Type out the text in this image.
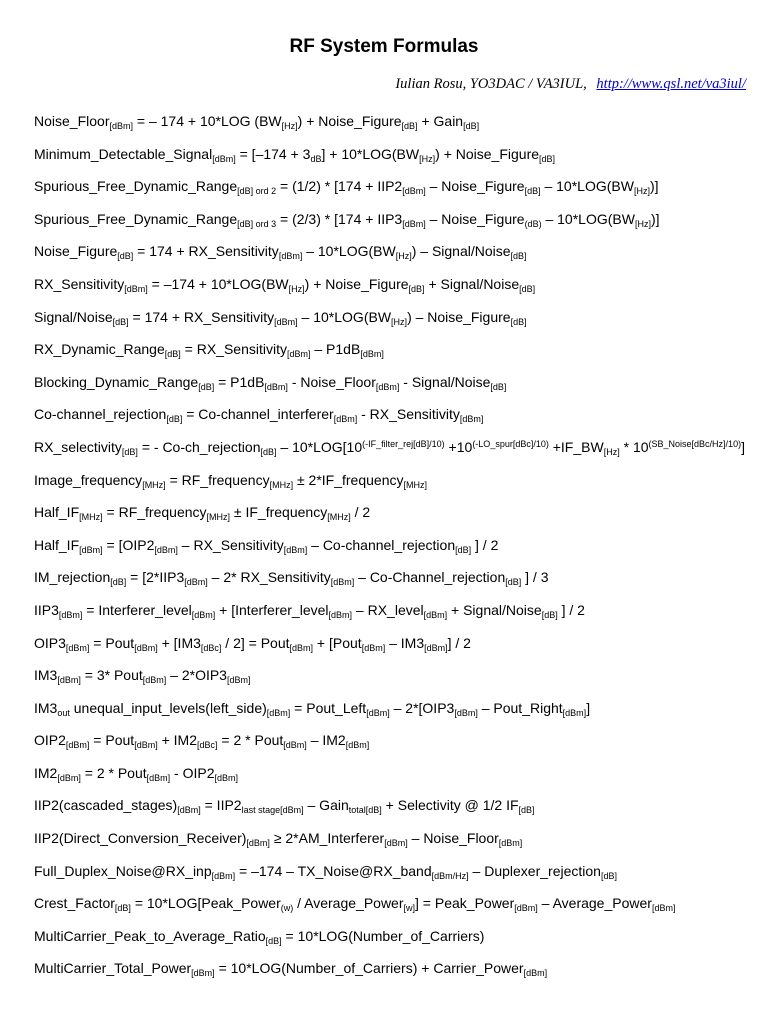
RF System Formulas
Iulian Rosu, YO3DAC / VA3IUL, http://www.qsl.net/va3iul/
Noise_Floor$_{[dBm]}$ = – 174 + 10*LOG $(BW_{[Hz]})$ + Noise_Figure$_{[dB]}$ + Gain$_{[dB]}$
Minimum_Detectable_Signal$_{[dBm]}$ = $[-174 + 3_{dB}] + 10*LOG(BW_{[Hz]})$ + Noise_Figure$_{[dB]}$
Spurious_Free_Dynamic_Range$_{[dB] ord 2}$ = $(1/2) * [174 + IIP2_{[dBm]}$ – Noise_Figure$_{[dB]}$ – $10*LOG(BW_{[Hz]})$]
Spurious_Free_Dynamic_Range$_{[dB] ord 3}$ = $(2/3) * [174 + IIP3_{[dBm]}$ – Noise_Figure$_{(dB)}$ – $10*LOG(BW_{[Hz]})$]
Noise_Figure$_{[dB]}$ = 174 + RX_Sensitivity$_{[dBm]}$ – $10*LOG(BW_{[Hz]})$ – Signal/Noise$_{[dB]}$
RX_Sensitivity$_{[dBm]}$ = $-174 + 10*LOG(BW_{[Hz]})$ + Noise_Figure$_{[dB]}$ + Signal/Noise$_{[dB]}$
Signal/Noise$_{[dB]}$ = 174 + RX_Sensitivity$_{[dBm]}$ – $10*LOG(BW_{[Hz]})$ – Noise_Figure$_{[dB]}$
RX_Dynamic_Range$_{[dB]}$ = RX_Sensitivity$_{[dBm]}$ – $P1dB_{[dBm]}$
Blocking_Dynamic_Range$_{[dB]}$ = $P1dB_{[dBm]}$ - Noise_Floor$_{[dBm]}$ - Signal/Noise$_{[dB]}$
Co-channel_rejection$_{[dB]}$ = Co-channel_interferer$_{[dBm]}$ - RX_Sensitivity$_{[dBm]}$
RX_selectivity$_{[dB]}$ = - Co-ch_rejection$_{[dB]}$ – $10*LOG[10^{(-IF\_filter\_rej[dB]/10)} +10^{(-LO\_spur[dBc]/10)}$ $+IF\_BW_{[Hz]} * 10^{(SB\_Noise[dBc/Hz]/10)}$]
Image_frequency$_{[MHz]}$ = RF_frequency$_{[MHz]}$ ± 2*IF_frequency$_{[MHz]}$
$Half\_IF_{[MHz]}$ = RF_frequency$_{[MHz]}$ ± IF_frequency$_{[MHz]}$ / 2
$Half\_IF_{[dBm]} = [OIP2_{[dBm]}$ – RX_Sensitivity$_{[dBm]}$ – Co-channel_rejection$_{[dB]}$ ] / 2
IM_rejection$_{[dB]}$ = [$2*IIP3_{[dBm]} - 2*$ RX_Sensitivity$_{[dBm]}$ – Co-Channel_rejection$_{[dB]}$ ] / 3
$IIP3_{[dBm]}$ = Interferer_level$_{[dBm]}$ + [Interferer_level$_{[dBm]}$ – RX_level$_{[dBm]}$ + Signal/Noise$_{[dB]}$ ] / 2
$OIP3_{[dBm]}$ = Pout$_{[dBm]}$ + $[IM3_{[dBc]} / 2]$ = Pout$_{[dBm]}$ + [Pout$_{[dBm]}$ – $IM3_{[dBm]}] / 2$
$IM3_{[dBm]} = 3*$ Pout$_{[dBm]}$ – $2*OIP3_{[dBm]}$
$IM3_{out}$ $unequal\_input\_levels(left\_side)_{[dBm]}$ = Pout_Left$_{[dBm]}$ – $2*[OIP3_{[dBm]}$ – Pout_Right$_{[dBm]}$]
$OIP2_{[dBm]}$ = Pout$_{[dBm]}$ + $IM2_{[dBc]} = 2$ * Pout$_{[dBm]}$ – $IM2_{[dBm]}$
$IM2_{[dBm]} = 2$ * Pout$_{[dBm]}$ - $OIP2_{[dBm]}$
$IIP2(cascaded\_stages)_{[dBm]} = IIP2_{last stage[dBm]}$ – Gain$_{total[dB]}$ + Selectivity @ 1/2 $IF_{[dB]}$
$IIP2(Direct\_Conversion\_Receiver)_{[dBm]}$ ≥ 2*AM_Interferer$_{[dBm]}$ – Noise_Floor$_{[dBm]}$
Full_Duplex_Noise@RX_inp$_{[dBm]}$ = –174 – TX_Noise@RX_band$_{[dBm/Hz]}$ – Duplexer_rejection$_{[dB]}$
Crest_Factor$_{[dB]}$ = 10*LOG[Peak_Power$_{(w)}$ / Average_Power$_{[w]}$] = Peak_Power$_{[dBm]}$ – Average_Power$_{[dBm]}$
MultiCarrier_Peak_to_Average_Ratio$_{[dB]}$ = 10*LOG(Number_of_Carriers)
MultiCarrier_Total_Power$_{[dBm]}$ = 10*LOG(Number_of_Carriers) + Carrier_Power$_{[dBm]}$
